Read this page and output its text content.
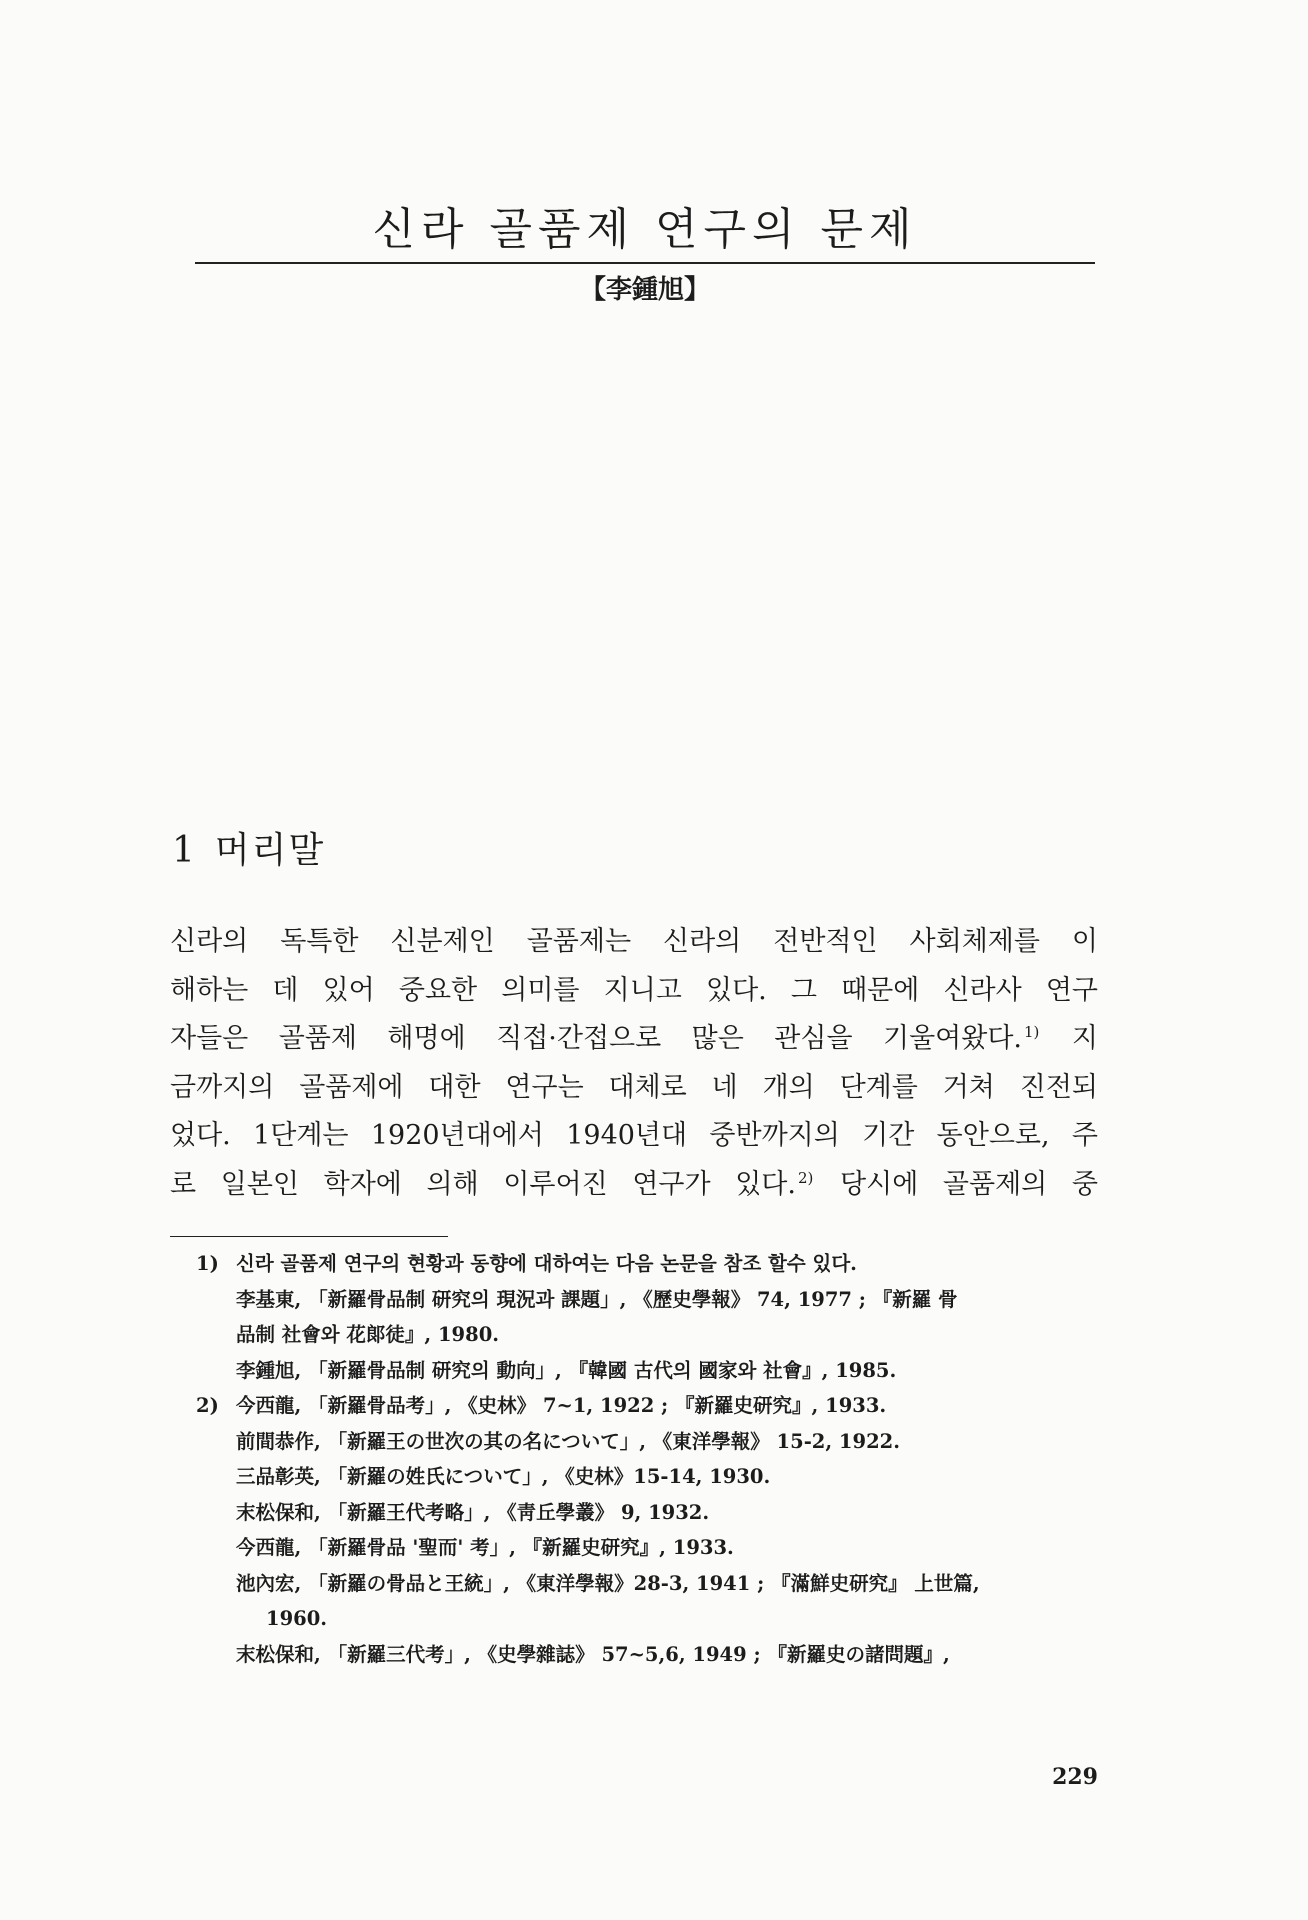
신라 골품제 연구의 문제
【李鍾旭】
1 머리말
신라의 독특한 신분제인 골품제는 신라의 전반적인 사회체제를 이
해하는 데 있어 중요한 의미를 지니고 있다. 그 때문에 신라사 연구
자들은 골품제 해명에 직접·간접으로 많은 관심을 기울여왔다. $^{1)}$ 지
금까지의 골품제에 대한 연구는 대체로 네 개의 단계를 거쳐 진전되
었다. 1단계는 1920년대에서 1940년대 중반까지의 기간 동안으로, 주
로 일본인 학자에 의해 이루어진 연구가 있다. $^{2)}$ 당시에 골품제의 중
1) 신라 골품제 연구의 현황과 동향에 대하여는 다음 논문을 참조 할수 있다.
李基東, 「新羅骨品制 研究의 現況과 課題」, 《歷史學報》 74, 1977 ; 『新羅 骨
品制 社會와 花郞徒』, 1980.
李鍾旭, 「新羅骨品制 研究의 動向」, 『韓國 古代의 國家와 社會』, 1985.
2) 今西龍, 「新羅骨品考」, 《史林》 7~1, 1922 ; 『新羅史研究』, 1933.
前間恭作, 「新羅王の世次の其の名について」, 《東洋學報》 15-2, 1922.
三品彰英, 「新羅の姓氏について」, 《史林》15-14, 1930.
末松保和, 「新羅王代考略」, 《靑丘學叢》 9, 1932.
今西龍, 「新羅骨品 '聖而' 考」, 『新羅史研究』, 1933.
池內宏, 「新羅の骨品と王統」, 《東洋學報》28-3, 1941 ; 『滿鮮史研究』 上世篇,
1960.
末松保和, 「新羅三代考」, 《史學雜誌》 57~5,6, 1949 ; 『新羅史の諸問題』,
229
